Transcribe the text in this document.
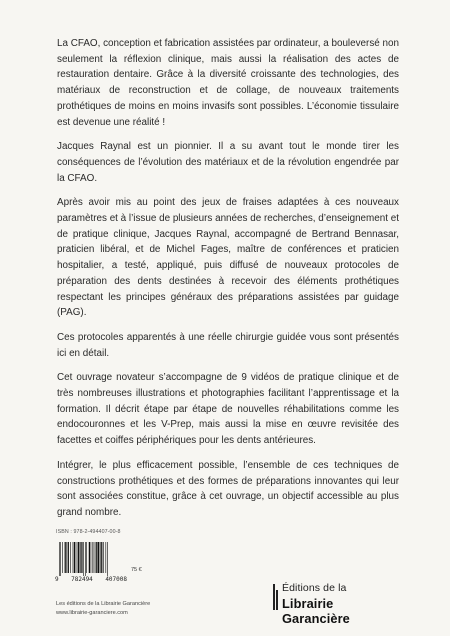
La CFAO, conception et fabrication assistées par ordinateur, a bouleversé non seulement la réflexion clinique, mais aussi la réalisation des actes de restauration dentaire. Grâce à la diversité croissante des technologies, des matériaux de reconstruction et de collage, de nouveaux traitements prothétiques de moins en moins invasifs sont possibles. L’économie tissulaire est devenue une réalité !

Jacques Raynal est un pionnier. Il a su avant tout le monde tirer les conséquences de l’évolution des matériaux et de la révolution engendrée par la CFAO.

Après avoir mis au point des jeux de fraises adaptées à ces nouveaux paramètres et à l’issue de plusieurs années de recherches, d’enseignement et de pratique clinique, Jacques Raynal, accompagné de Bertrand Bennasar, praticien libéral, et de Michel Fages, maître de conférences et praticien hospitalier, a testé, appliqué, puis diffusé de nouveaux protocoles de préparation des dents destinées à recevoir des éléments prothétiques respectant les principes généraux des préparations assistées par guidage (PAG).

Ces protocoles apparentés à une réelle chirurgie guidée vous sont présentés ici en détail.

Cet ouvrage novateur s’accompagne de 9 vidéos de pratique clinique et de très nombreuses illustrations et photographies facilitant l’apprentissage et la formation. Il décrit étape par étape de nouvelles réhabilitations comme les endocouronnes et les V-Prep, mais aussi la mise en œuvre revisitée des facettes et coiffes périphériques pour les dents antérieures.

Intégrer, le plus efficacement possible, l’ensemble de ces techniques de constructions prothétiques et des formes de préparations innovantes qui leur sont associées constitue, grâce à cet ouvrage, un objectif accessible au plus grand nombre.

ISBN : 978-2-494407-00-8
9 782494 407008
75 €
Les éditions de la Librairie Garancière
www.librairie-garanciere.com
Éditions de la
Librairie Garancière
